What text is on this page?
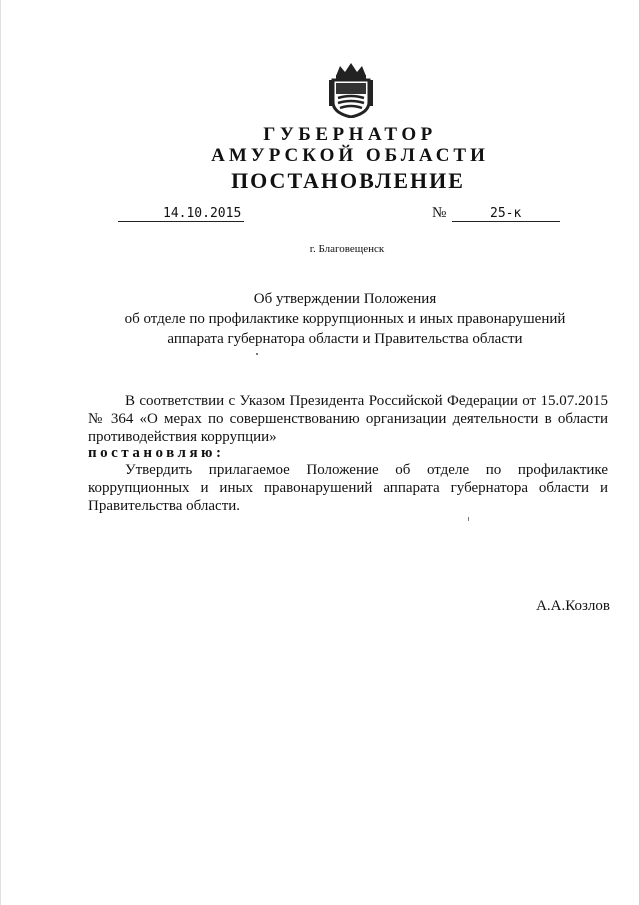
ГУБЕРНАТОР
АМУРСКОЙ ОБЛАСТИ
ПОСТАНОВЛЕНИЕ
14.10.2015	№	25-к
г. Благовещенск
Об утверждении Положения
об отделе по профилактике коррупционных и иных правонарушений
аппарата губернатора области и Правительства области
В соответствии с Указом Президента Российской Федерации от 15.07.2015 № 364 «О мерах по совершенствованию организации деятельности в области противодействия коррупции»
постановляю:
Утвердить прилагаемое Положение об отделе по профилактике коррупционных и иных правонарушений аппарата губернатора области и Правительства области.
А.А.Козлов
